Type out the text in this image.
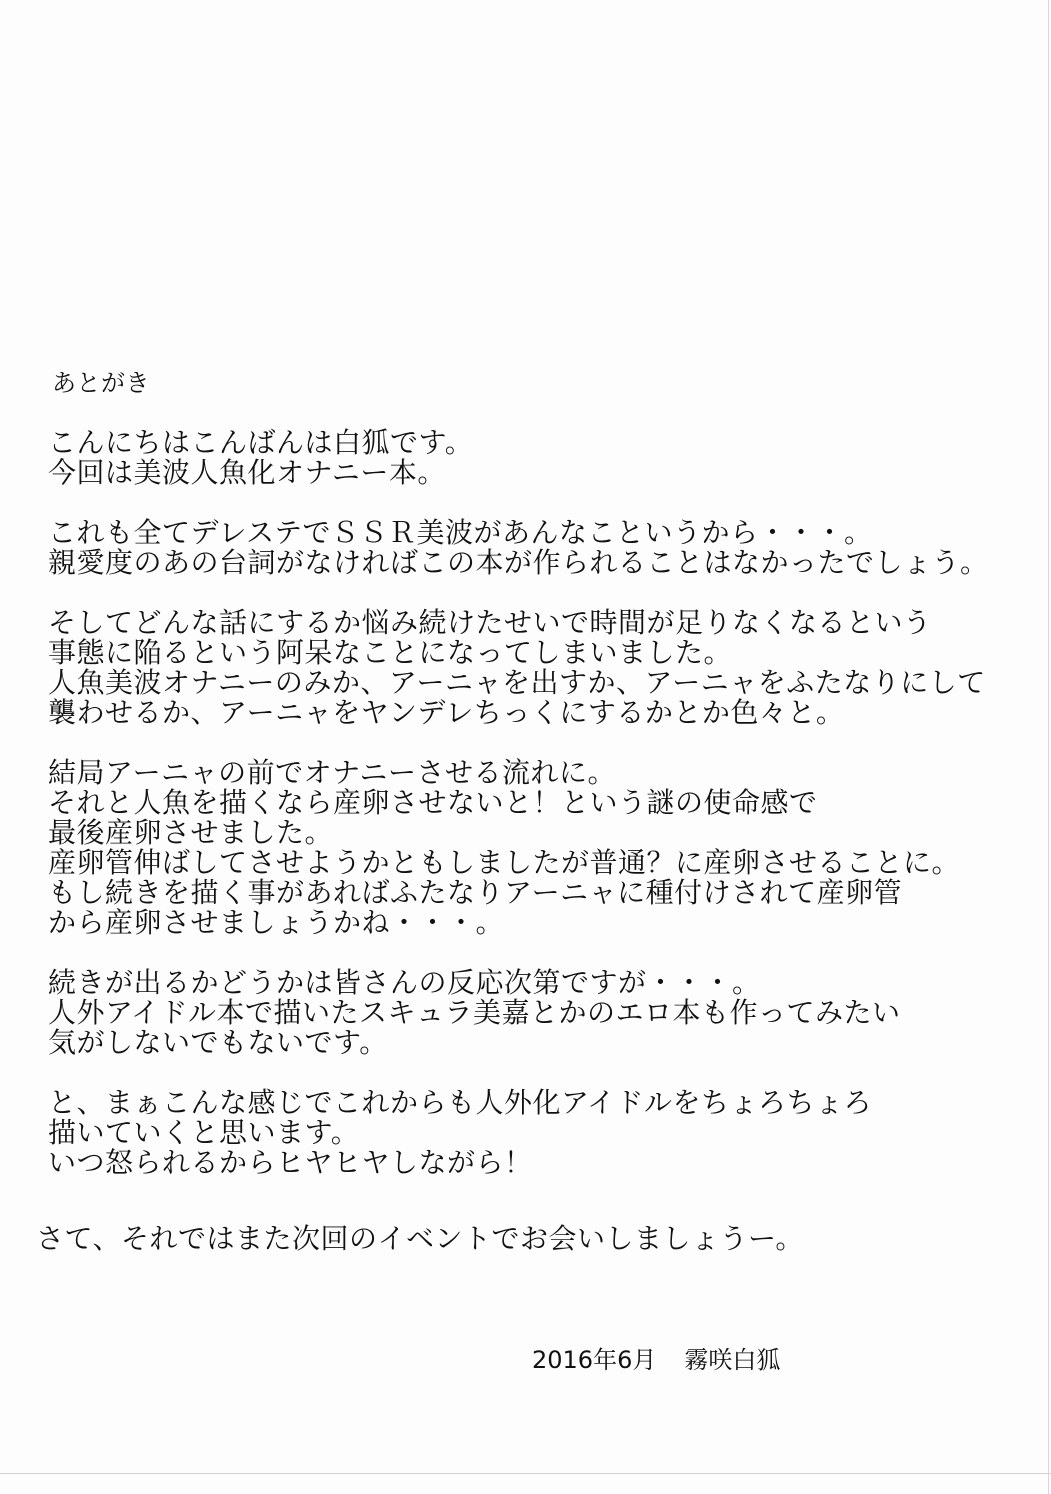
あとがき
こんにちはこんばんは白狐です。
今回は美波人魚化オナニー本。
これも全てデレステでＳＳＲ美波があんなこというから・・・。
親愛度のあの台詞がなければこの本が作られることはなかったでしょう。
そしてどんな話にするか悩み続けたせいで時間が足りなくなるという
事態に陥るという阿呆なことになってしまいました。
人魚美波オナニーのみか、アーニャを出すか、アーニャをふたなりにして
襲わせるか、アーニャをヤンデレちっくにするかとか色々と。
結局アーニャの前でオナニーさせる流れに。
それと人魚を描くなら産卵させないと！という謎の使命感で
最後産卵させました。
産卵管伸ばしてさせようかともしましたが普通？に産卵させることに。
もし続きを描く事があればふたなりアーニャに種付けされて産卵管
から産卵させましょうかね・・・。
続きが出るかどうかは皆さんの反応次第ですが・・・。
人外アイドル本で描いたスキュラ美嘉とかのエロ本も作ってみたい
気がしないでもないです。
と、まぁこんな感じでこれからも人外化アイドルをちょろちょろ
描いていくと思います。
いつ怒られるからヒヤヒヤしながら！
さて、それではまた次回のイベントでお会いしましょうー。
2016年6月 霧咲白狐
